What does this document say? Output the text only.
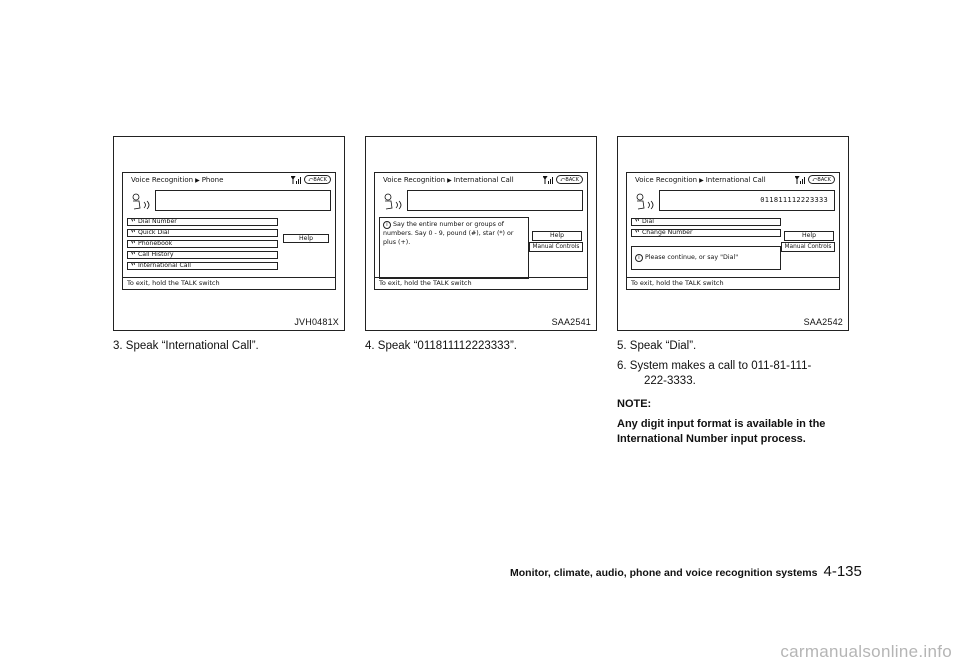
Voice Recognition ▶ Phone	⤺BACK
ᵞᴵ Dial Number
ᵞᴵ Quick Dial
ᵞᴵ Phonebook
ᵞᴵ Call History
ᵞᴵ International Call
Help
To exit, hold the TALK switch
JVH0481X
Voice Recognition ▶ International Call	⤺BACK
i Say the entire number or groups of numbers. Say 0 - 9, pound (#), star (*) or plus (+).
Help
Manual Controls
To exit, hold the TALK switch
SAA2541
Voice Recognition ▶ International Call	⤺BACK
011811112223333
ᵞᴵ Dial
ᵞᴵ Change Number
i Please continue, or say "Dial"
Help
Manual Controls
To exit, hold the TALK switch
SAA2542
3. Speak “International Call”.	4. Speak “011811112223333”.	5. Speak “Dial”.
6. System makes a call to 011-81-111-
222-3333.
NOTE:
Any digit input format is available in the International Number input process.
Monitor, climate, audio, phone and voice recognition systems 4-135
carmanualsonline.info
